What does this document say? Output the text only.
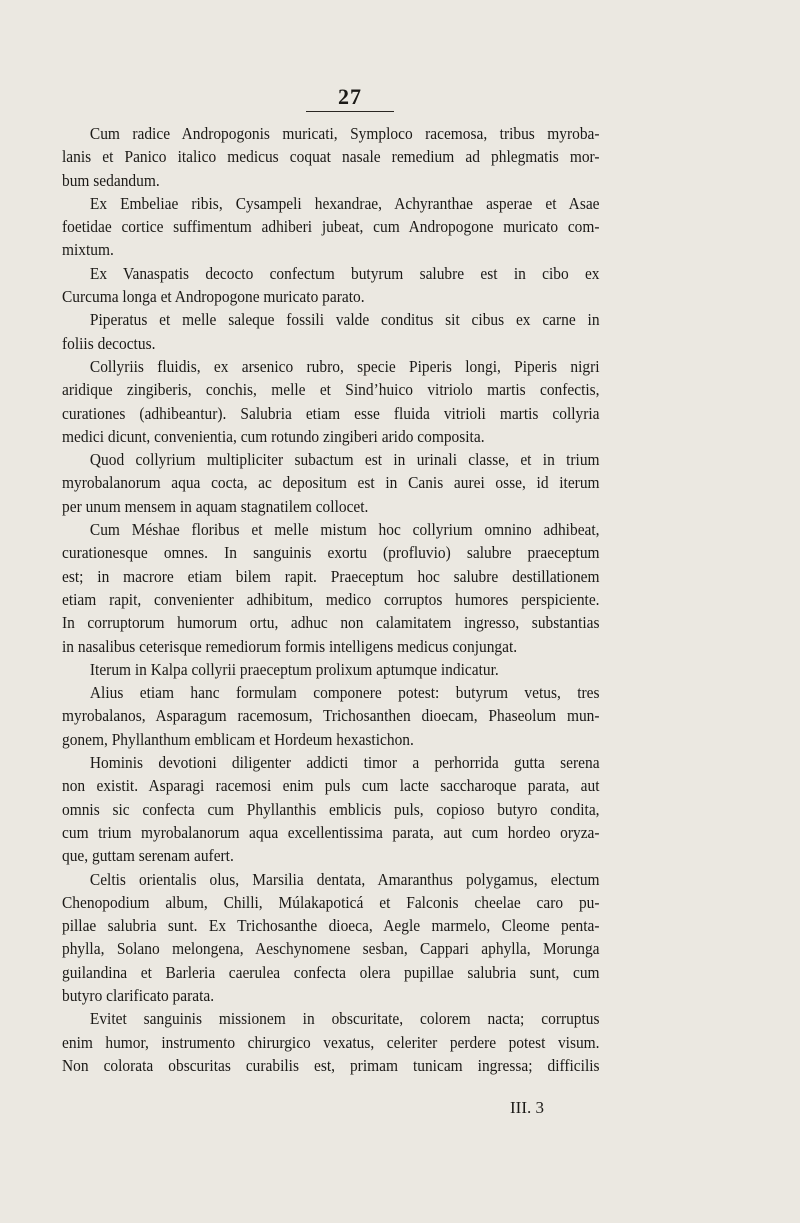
27
Cum radice Andropogonis muricati, Symploco racemosa, tribus myroba-
lanis et Panico italico medicus coquat nasale remedium ad phlegmatis mor-
bum sedandum.
Ex Embeliae ribis, Cysampeli hexandrae, Achyranthae asperae et Asae
foetidae cortice suffimentum adhiberi jubeat, cum Andropogone muricato com-
mixtum.
Ex Vanaspatis decocto confectum butyrum salubre est in cibo ex
Curcuma longa et Andropogone muricato parato.
Piperatus et melle saleque fossili valde conditus sit cibus ex carne in
foliis decoctus.
Collyriis fluidis, ex arsenico rubro, specie Piperis longi, Piperis nigri
aridique zingiberis, conchis, melle et Sind’huico vitriolo martis confectis,
curationes (adhibeantur). Salubria etiam esse fluida vitrioli martis collyria
medici dicunt, convenientia, cum rotundo zingiberi arido composita.
Quod collyrium multipliciter subactum est in urinali classe, et in trium
myrobalanorum aqua cocta, ac depositum est in Canis aurei osse, id iterum
per unum mensem in aquam stagnatilem collocet.
Cum Méshae floribus et melle mistum hoc collyrium omnino adhibeat,
curationesque omnes. In sanguinis exortu (profluvio) salubre praeceptum
est; in macrore etiam bilem rapit. Praeceptum hoc salubre destillationem
etiam rapit, convenienter adhibitum, medico corruptos humores perspiciente.
In corruptorum humorum ortu, adhuc non calamitatem ingresso, substantias
in nasalibus ceterisque remediorum formis intelligens medicus conjungat.
Iterum in Kalpa collyrii praeceptum prolixum aptumque indicatur.
Alius etiam hanc formulam componere potest: butyrum vetus, tres
myrobalanos, Asparagum racemosum, Trichosanthen dioecam, Phaseolum mun-
gonem, Phyllanthum emblicam et Hordeum hexastichon.
Hominis devotioni diligenter addicti timor a perhorrida gutta serena
non existit. Asparagi racemosi enim puls cum lacte saccharoque parata, aut
omnis sic confecta cum Phyllanthis emblicis puls, copioso butyro condita,
cum trium myrobalanorum aqua excellentissima parata, aut cum hordeo oryza-
que, guttam serenam aufert.
Celtis orientalis olus, Marsilia dentata, Amaranthus polygamus, electum
Chenopodium album, Chilli, Múlakapoticá et Falconis cheelae caro pu-
pillae salubria sunt. Ex Trichosanthe dioeca, Aegle marmelo, Cleome penta-
phylla, Solano melongena, Aeschynomene sesban, Cappari aphylla, Morunga
guilandina et Barleria caerulea confecta olera pupillae salubria sunt, cum
butyro clarificato parata.
Evitet sanguinis missionem in obscuritate, colorem nacta; corruptus
enim humor, instrumento chirurgico vexatus, celeriter perdere potest visum.
Non colorata obscuritas curabilis est, primam tunicam ingressa; difficilis
III. 3
